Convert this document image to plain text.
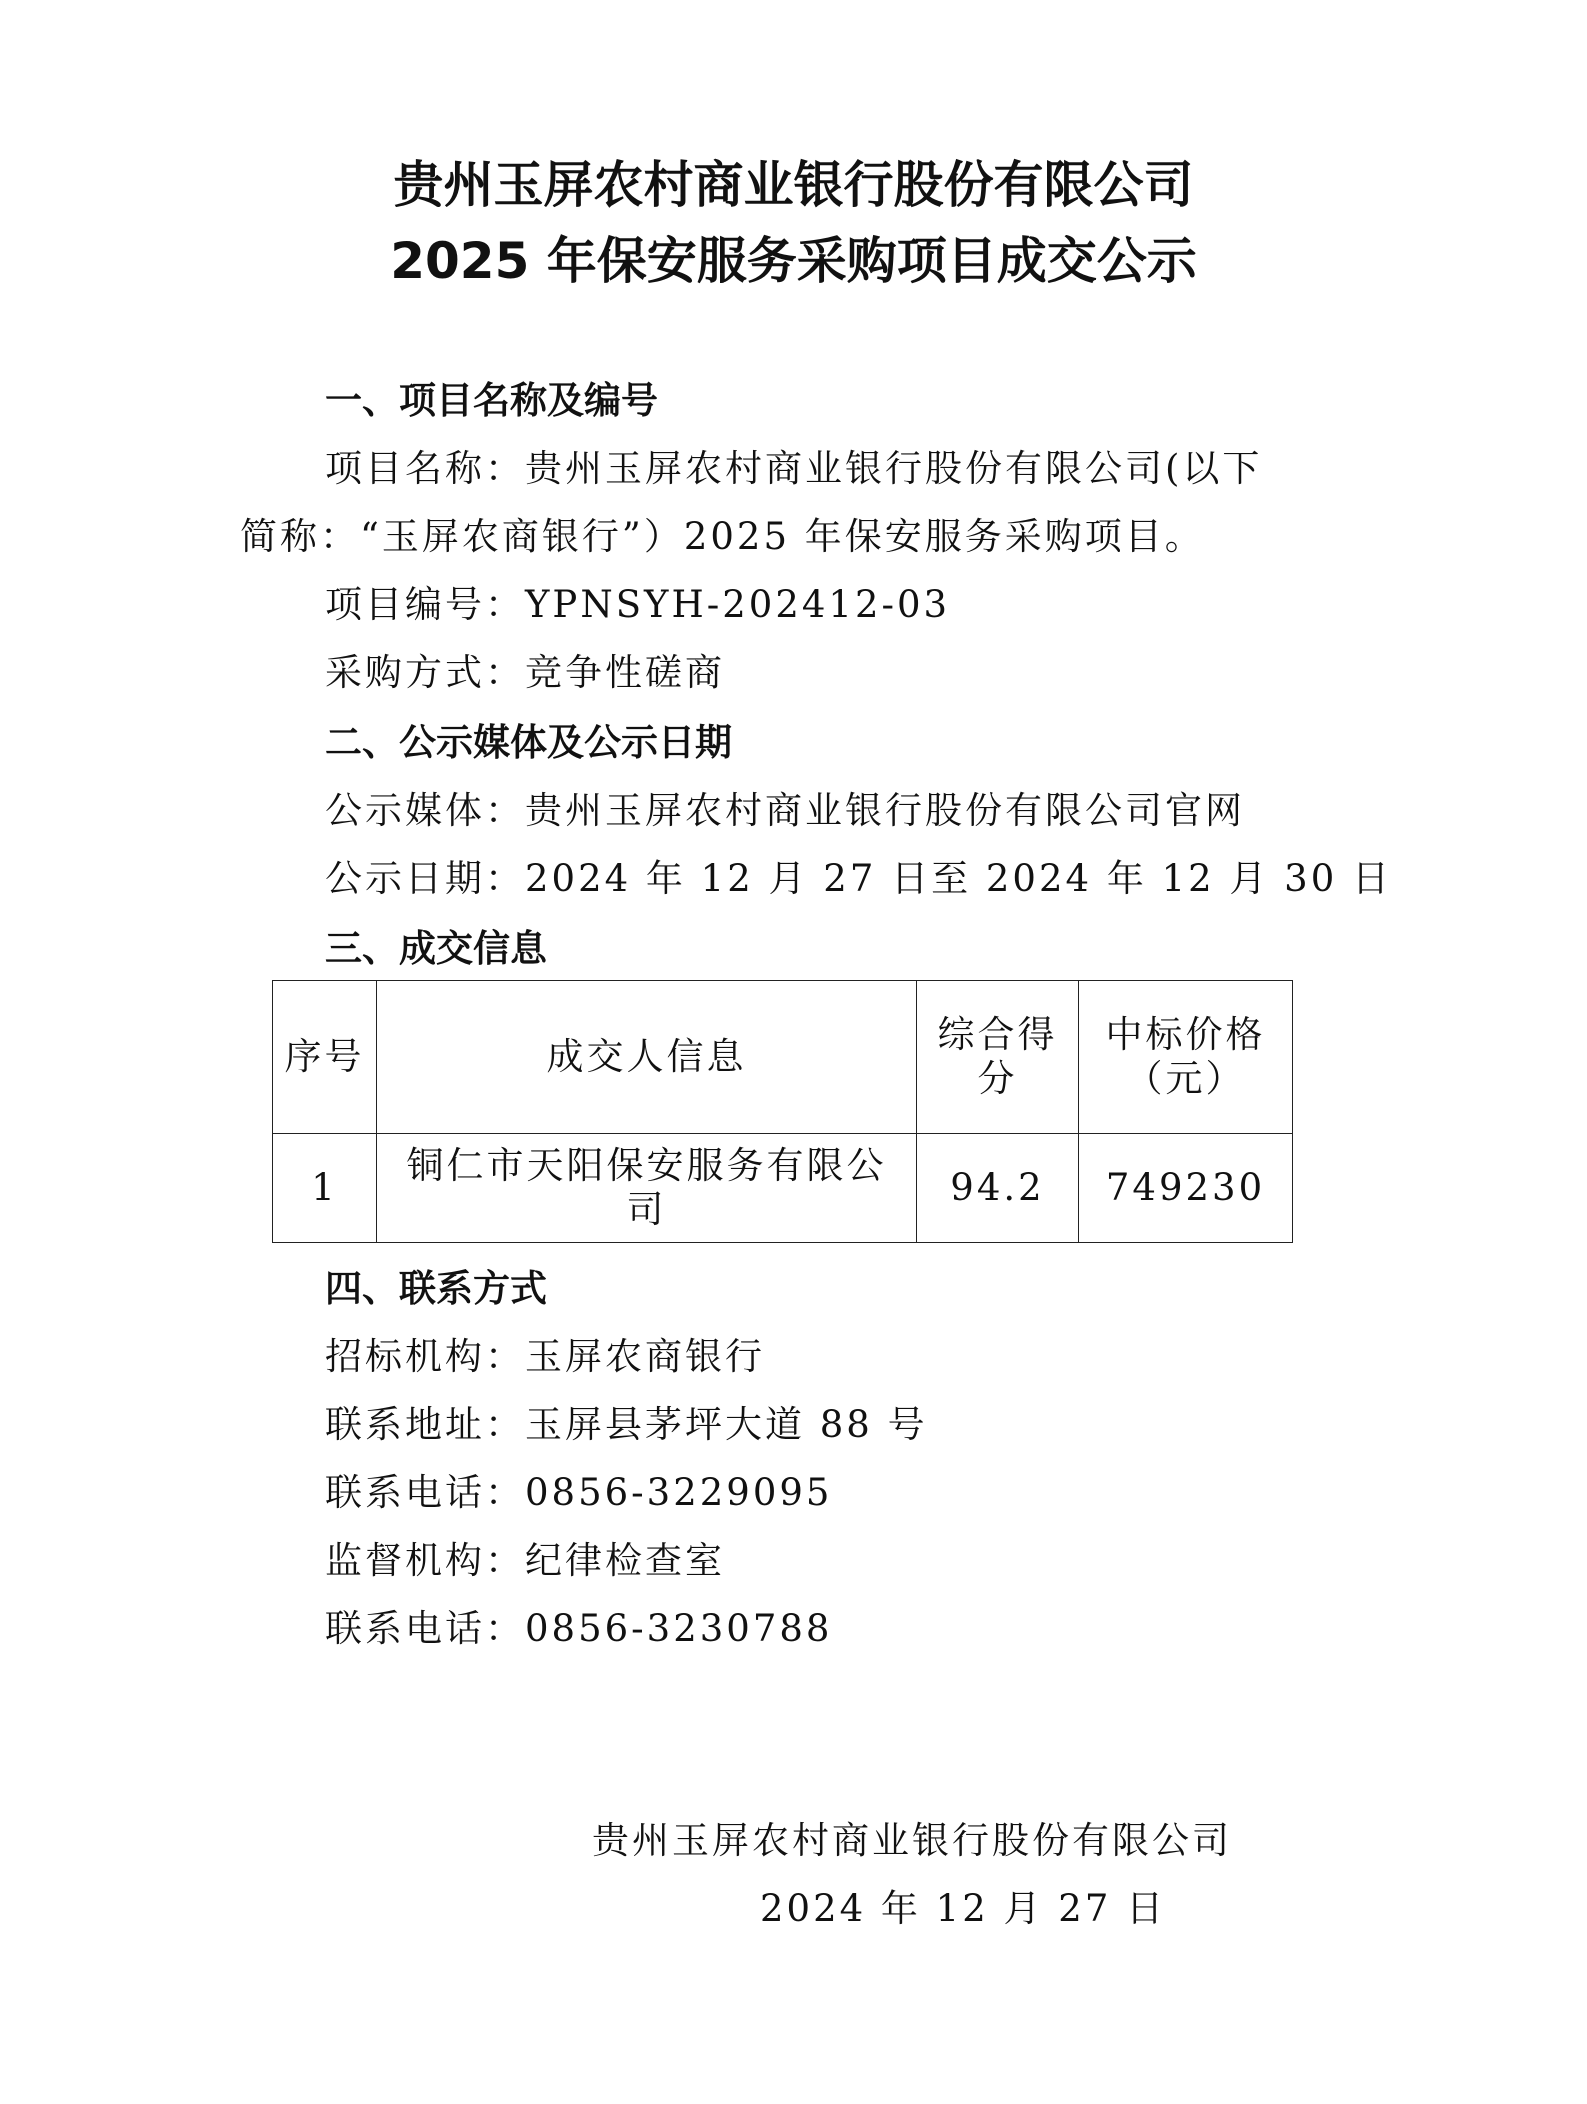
贵州玉屏农村商业银行股份有限公司
2025 年保安服务采购项目成交公示
一、项目名称及编号
项目名称：贵州玉屏农村商业银行股份有限公司(以下
简称：“玉屏农商银行”）2025 年保安服务采购项目。
项目编号：YPNSYH-202412-03
采购方式：竞争性磋商
二、公示媒体及公示日期
公示媒体：贵州玉屏农村商业银行股份有限公司官网
公示日期：2024 年 12 月 27 日至 2024 年 12 月 30 日
三、成交信息
序号	成交人信息	综合得分	中标价格（元）
1	铜仁市天阳保安服务有限公司	94.2	749230
四、联系方式
招标机构：玉屏农商银行
联系地址：玉屏县茅坪大道 88 号
联系电话：0856-3229095
监督机构：纪律检查室
联系电话：0856-3230788
贵州玉屏农村商业银行股份有限公司
2024 年 12 月 27 日
